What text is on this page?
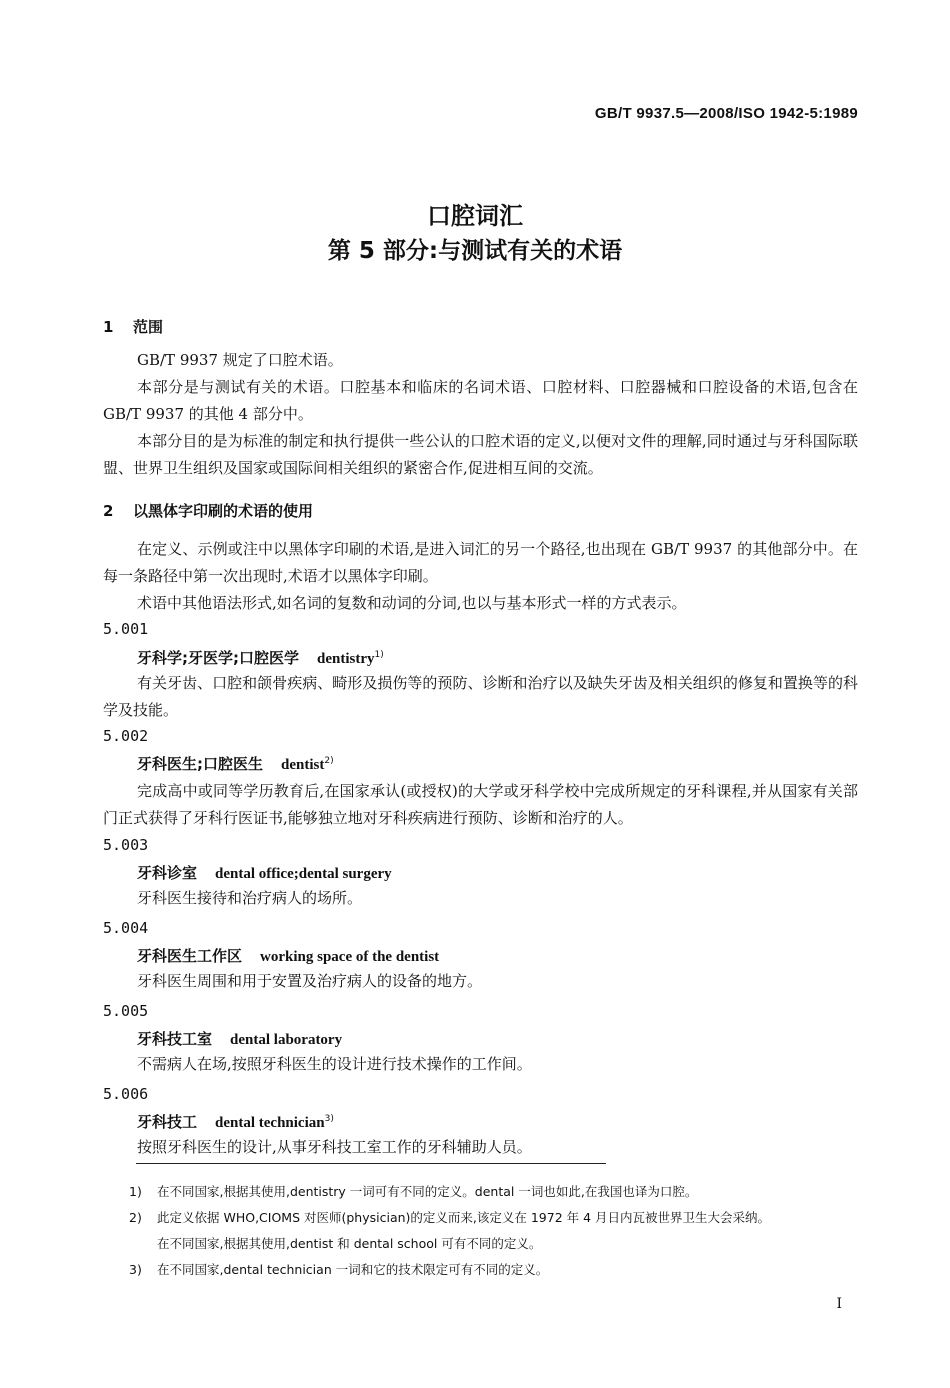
GB/T 9937.5—2008/ISO 1942-5:1989
口腔词汇
第 5 部分:与测试有关的术语
1 范围

GB/T 9937 规定了口腔术语。

本部分是与测试有关的术语。口腔基本和临床的名词术语、口腔材料、口腔器械和口腔设备的术语,包含在 GB/T 9937 的其他 4 部分中。

本部分目的是为标准的制定和执行提供一些公认的口腔术语的定义,以便对文件的理解,同时通过与牙科国际联盟、世界卫生组织及国家或国际间相关组织的紧密合作,促进相互间的交流。

2 以黑体字印刷的术语的使用

在定义、示例或注中以黑体字印刷的术语,是进入词汇的另一个路径,也出现在 GB/T 9937 的其他部分中。在每一条路径中第一次出现时,术语才以黑体字印刷。

术语中其他语法形式,如名词的复数和动词的分词,也以与基本形式一样的方式表示。

5.001
牙科学;牙医学;口腔医学 dentistry$^{1)}$

有关牙齿、口腔和颌骨疾病、畸形及损伤等的预防、诊断和治疗以及缺失牙齿及相关组织的修复和置换等的科学及技能。

5.002
牙科医生;口腔医生 dentist$^{2)}$

完成高中或同等学历教育后,在国家承认(或授权)的大学或牙科学校中完成所规定的牙科课程,并从国家有关部门正式获得了牙科行医证书,能够独立地对牙科疾病进行预防、诊断和治疗的人。

5.003
牙科诊室 dental office;dental surgery

牙科医生接待和治疗病人的场所。

5.004
牙科医生工作区 working space of the dentist

牙科医生周围和用于安置及治疗病人的设备的地方。

5.005
牙科技工室 dental laboratory

不需病人在场,按照牙科医生的设计进行技术操作的工作间。

5.006
牙科技工 dental technician$^{3)}$

按照牙科医生的设计,从事牙科技工室工作的牙科辅助人员。

1) 在不同国家,根据其使用,dentistry 一词可有不同的定义。dental 一词也如此,在我国也译为口腔。
2) 此定义依据 WHO,CIOMS 对医师(physician)的定义而来,该定义在 1972 年 4 月日内瓦被世界卫生大会采纳。
在不同国家,根据其使用,dentist 和 dental school 可有不同的定义。
3) 在不同国家,dental technician 一词和它的技术限定可有不同的定义。
I
